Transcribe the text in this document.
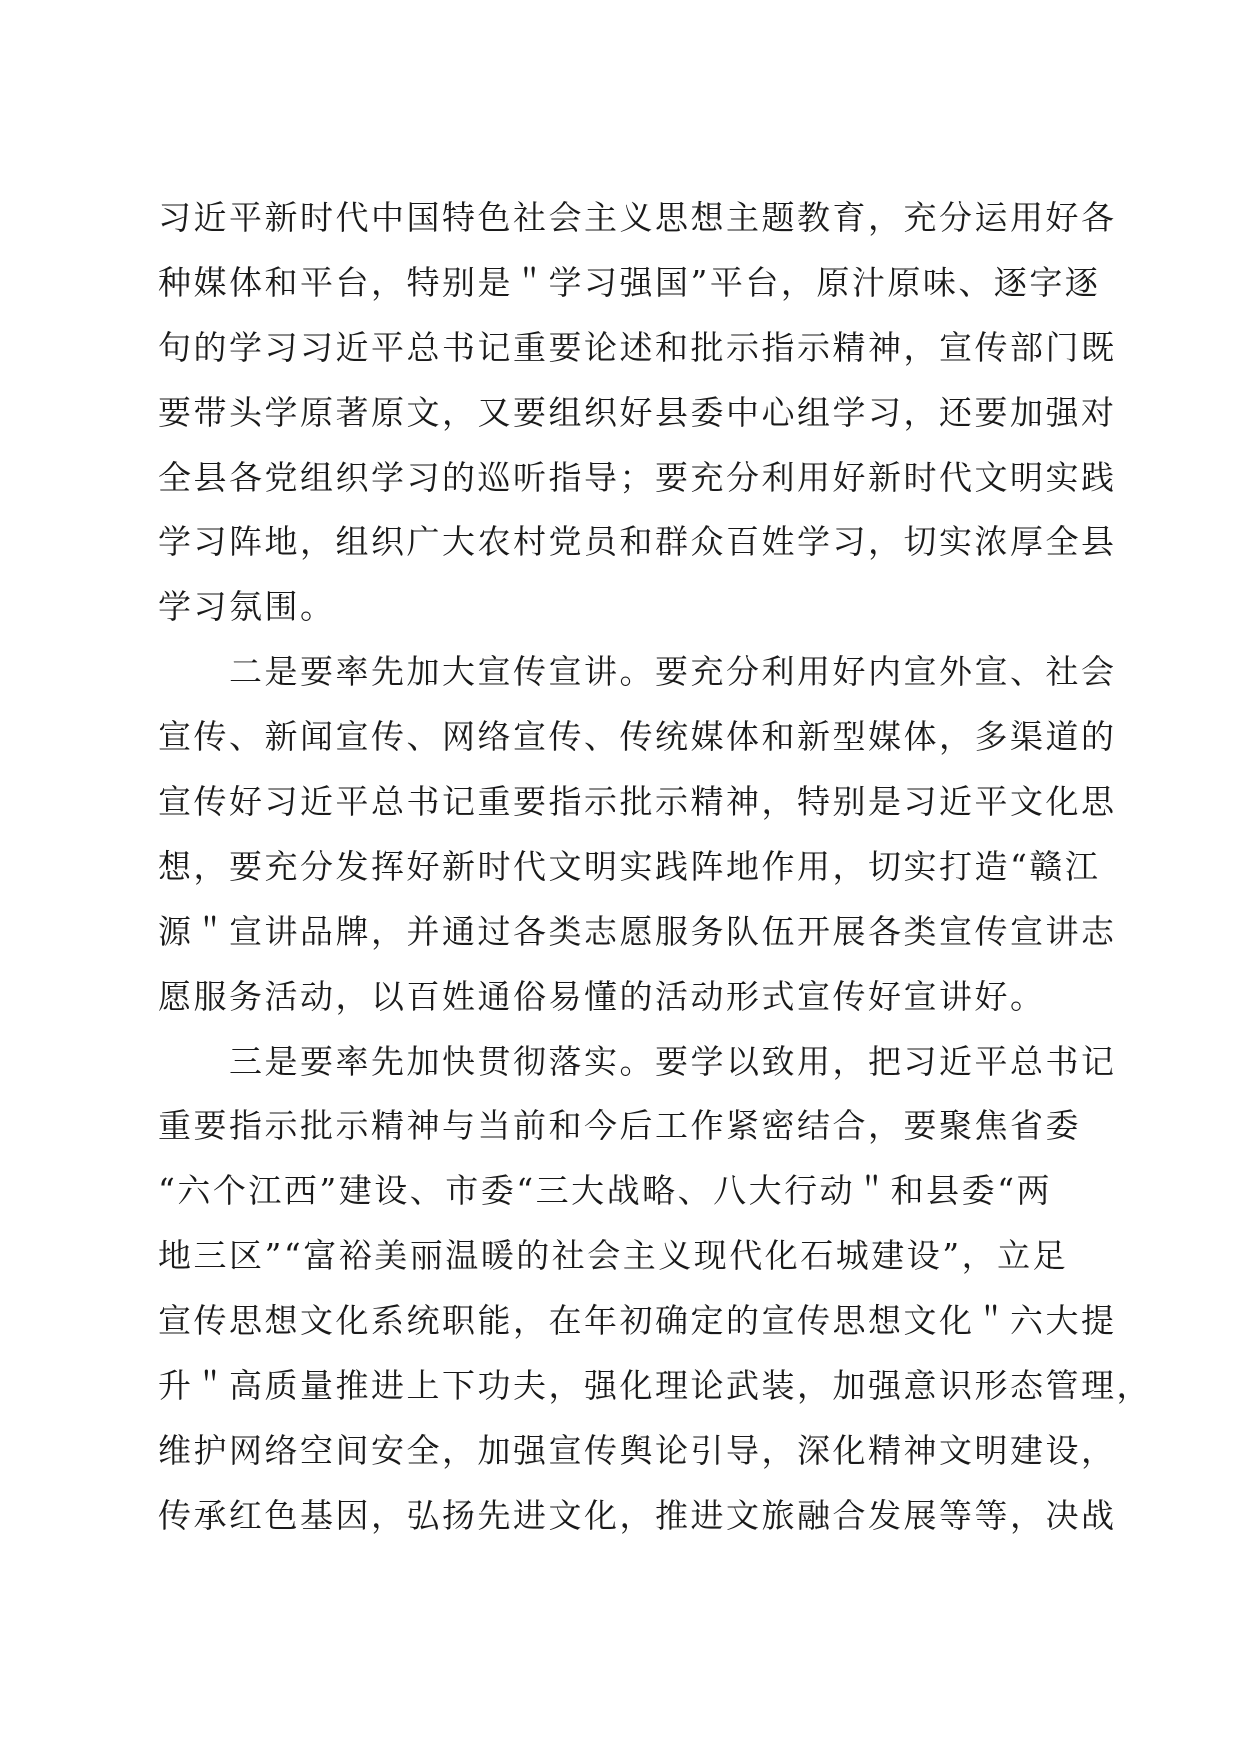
习近平新时代中国特色社会主义思想主题教育，充分运用好各
种媒体和平台，特别是＂学习强国”平台，原汁原味、逐字逐
句的学习习近平总书记重要论述和批示指示精神，宣传部门既
要带头学原著原文，又要组织好县委中心组学习，还要加强对
全县各党组织学习的巡听指导；要充分利用好新时代文明实践
学习阵地，组织广大农村党员和群众百姓学习，切实浓厚全县
学习氛围。
　　二是要率先加大宣传宣讲。要充分利用好内宣外宣、社会
宣传、新闻宣传、网络宣传、传统媒体和新型媒体，多渠道的
宣传好习近平总书记重要指示批示精神，特别是习近平文化思
想，要充分发挥好新时代文明实践阵地作用，切实打造“赣江
源＂宣讲品牌，并通过各类志愿服务队伍开展各类宣传宣讲志
愿服务活动，以百姓通俗易懂的活动形式宣传好宣讲好。
　　三是要率先加快贯彻落实。要学以致用，把习近平总书记
重要指示批示精神与当前和今后工作紧密结合，要聚焦省委
“六个江西”建设、市委“三大战略、八大行动＂和县委“两
地三区”“富裕美丽温暖的社会主义现代化石城建设”，立足
宣传思想文化系统职能，在年初确定的宣传思想文化＂六大提
升＂高质量推进上下功夫，强化理论武装，加强意识形态管理，
维护网络空间安全，加强宣传舆论引导，深化精神文明建设，
传承红色基因，弘扬先进文化，推进文旅融合发展等等，决战
